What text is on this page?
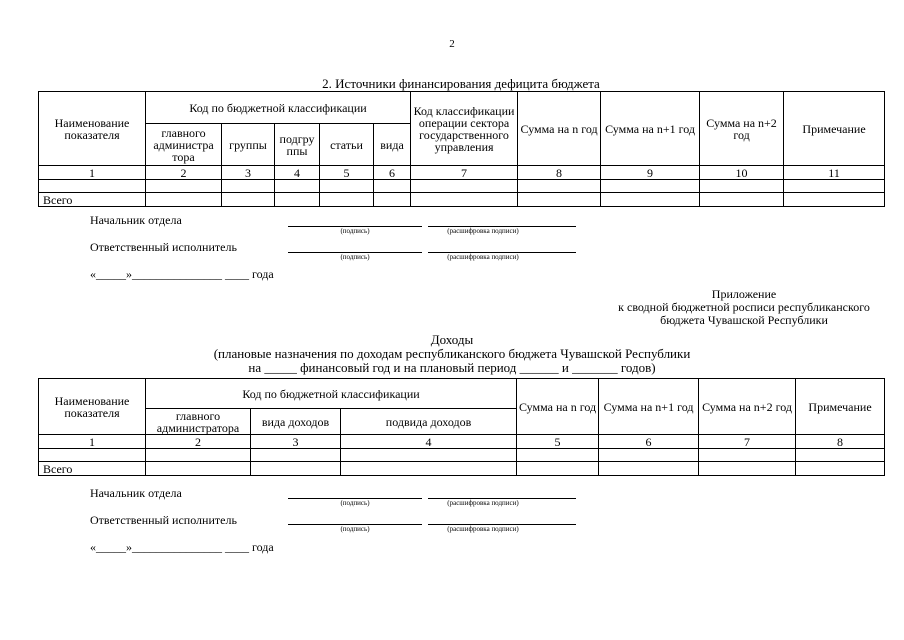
2
2. Источники финансирования дефицита бюджета
Наименование показателя	Код по бюджетной классификации					Код классификации операции сектора государственного управления	Сумма на n год	Сумма на n+1 год	Сумма на n+2 год	Примечание
	главного администра тора	группы	подгру ппы	статьи	вида					
1	2	3	4	5	6	7	8	9	10	11

Всего										
Начальник отдела
(подпись)	(расшифровка подписи)
Ответственный исполнитель
(подпись)	(расшифровка подписи)
«_____»_______________ ____ года
Приложение
к сводной бюджетной росписи республиканского
бюджета Чувашской Республики
Доходы
(плановые назначения по доходам республиканского бюджета Чувашской Республики
на _____ финансовый год и на плановый период ______ и _______ годов)
Наименование показателя	Код по бюджетной классификации			Сумма на n год	Сумма на n+1 год	Сумма на n+2 год	Примечание
	главного администратора	вида доходов	подвида доходов				
1	2	3	4	5	6	7	8

Всего							
Начальник отдела
(подпись)	(расшифровка подписи)
Ответственный исполнитель
(подпись)	(расшифровка подписи)
«_____»_______________ ____ года
